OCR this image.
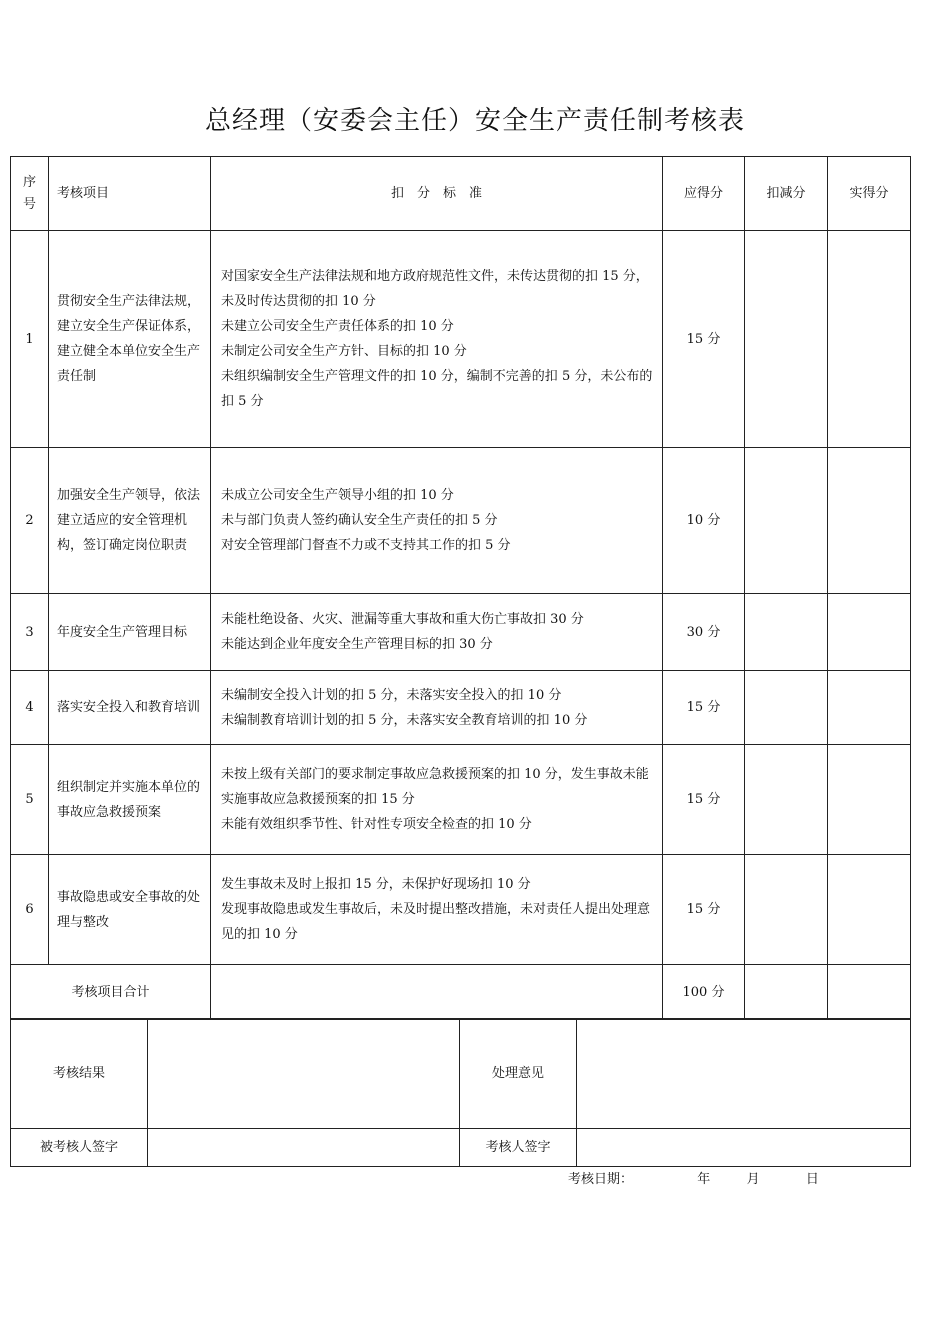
总经理（安委会主任）安全生产责任制考核表
序号	考核项目	扣　分　标　准	应得分	扣减分	实得分
1	贯彻安全生产法律法规，建立安全生产保证体系，建立健全本单位安全生产责任制	对国家安全生产法律法规和地方政府规范性文件，未传达贯彻的扣 15 分，未及时传达贯彻的扣 10 分
未建立公司安全生产责任体系的扣 10 分
未制定公司安全生产方针、目标的扣 10 分
未组织编制安全生产管理文件的扣 10 分，编制不完善的扣 5 分，未公布的扣 5 分	15 分		
2	加强安全生产领导，依法建立适应的安全管理机构，签订确定岗位职责	未成立公司安全生产领导小组的扣 10 分
未与部门负责人签约确认安全生产责任的扣 5 分
对安全管理部门督查不力或不支持其工作的扣 5 分	10 分		
3	年度安全生产管理目标	未能杜绝设备、火灾、泄漏等重大事故和重大伤亡事故扣 30 分
未能达到企业年度安全生产管理目标的扣 30 分	30 分		
4	落实安全投入和教育培训	未编制安全投入计划的扣 5 分，未落实安全投入的扣 10 分
未编制教育培训计划的扣 5 分，未落实安全教育培训的扣 10 分	15 分		
5	组织制定并实施本单位的事故应急救援预案	未按上级有关部门的要求制定事故应急救援预案的扣 10 分，发生事故未能实施事故应急救援预案的扣 15 分
未能有效组织季节性、针对性专项安全检查的扣 10 分	15 分		
6	事故隐患或安全事故的处理与整改	发生事故未及时上报扣 15 分，未保护好现场扣 10 分
发现事故隐患或发生事故后，未及时提出整改措施，未对责任人提出处理意见的扣 10 分	15 分		
考核项目合计			100 分		
考核结果		处理意见	
被考核人签字		考核人签字	
考核日期：	年	月	日
